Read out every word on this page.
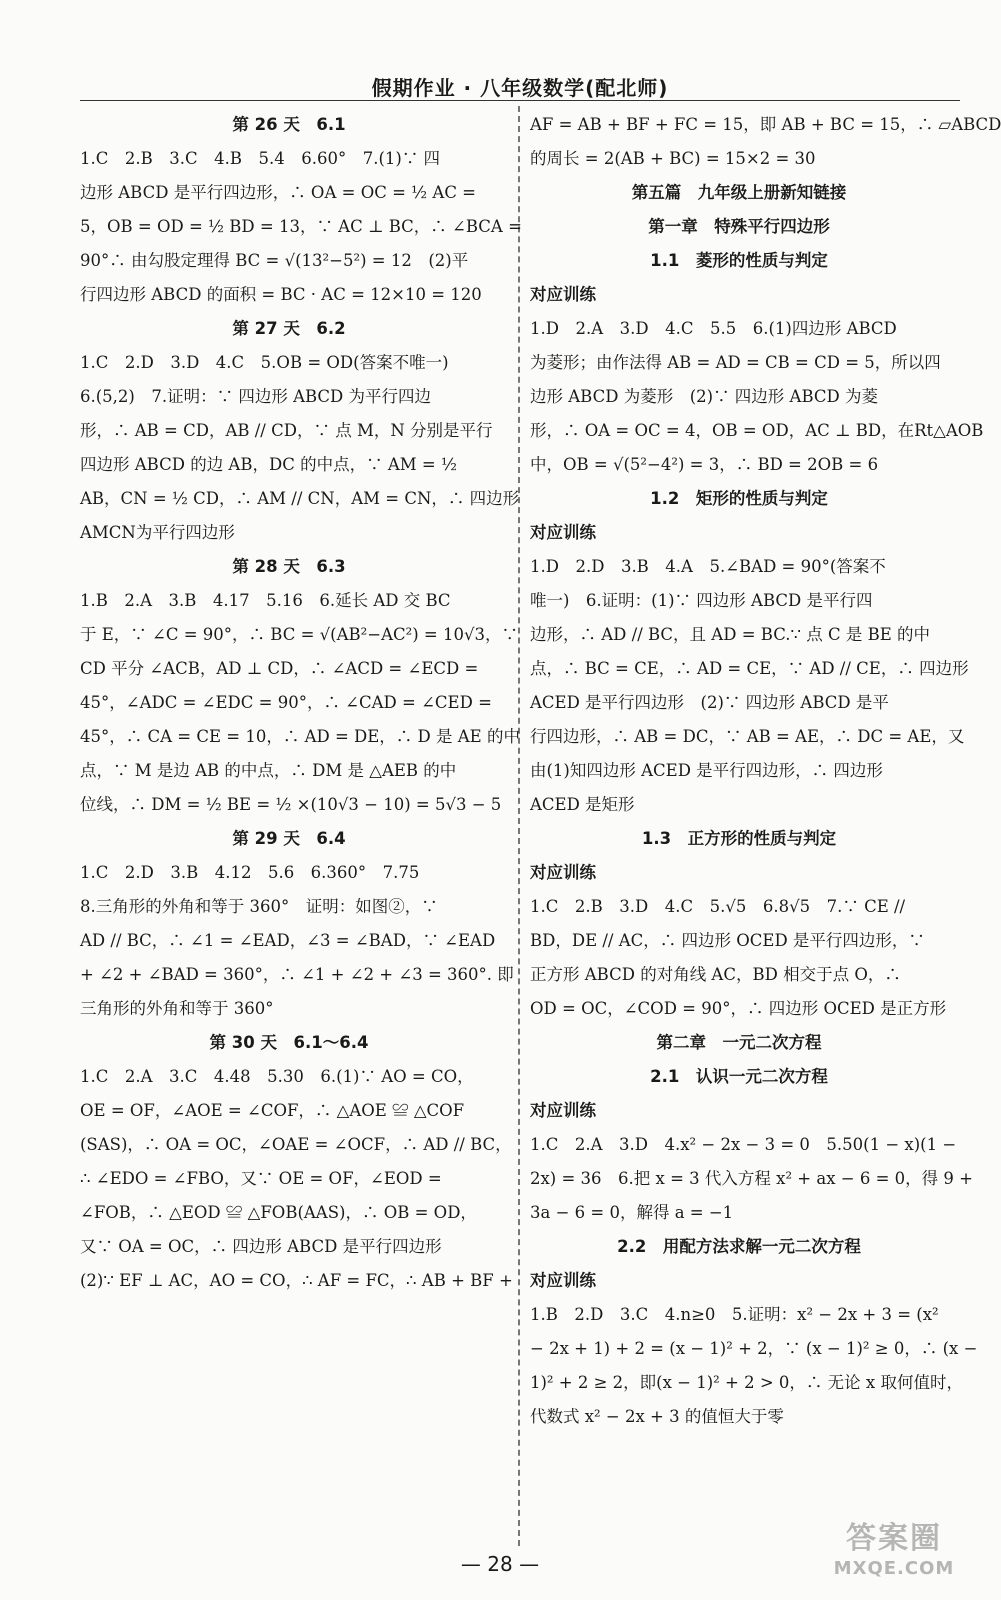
假期作业 · 八年级数学(配北师)
第 26 天　6.1
1.C　2.B　3.C　4.B　5.4　6.60°　7.(1)∵ 四
边形 ABCD 是平行四边形，∴ OA = OC = ½ AC =
5，OB = OD = ½ BD = 13，∵ AC ⊥ BC，∴ ∠BCA =
90°∴ 由勾股定理得 BC = √(13²−5²) = 12　(2)平
行四边形 ABCD 的面积 = BC · AC = 12×10 = 120
第 27 天　6.2
1.C　2.D　3.D　4.C　5.OB = OD(答案不唯一)
6.(5,2)　7.证明：∵ 四边形 ABCD 为平行四边
形，∴ AB = CD，AB // CD，∵ 点 M，N 分别是平行
四边形 ABCD 的边 AB，DC 的中点，∵ AM = ½
AB，CN = ½ CD，∴ AM // CN，AM = CN，∴ 四边形
AMCN为平行四边形
第 28 天　6.3
1.B　2.A　3.B　4.17　5.16　6.延长 AD 交 BC
于 E，∵ ∠C = 90°，∴ BC = √(AB²−AC²) = 10√3，∵
CD 平分 ∠ACB，AD ⊥ CD，∴ ∠ACD = ∠ECD =
45°，∠ADC = ∠EDC = 90°，∴ ∠CAD = ∠CED =
45°，∴ CA = CE = 10，∴ AD = DE，∴ D 是 AE 的中
点，∵ M 是边 AB 的中点，∴ DM 是 △AEB 的中
位线，∴ DM = ½ BE = ½ ×(10√3 − 10) = 5√3 − 5
第 29 天　6.4
1.C　2.D　3.B　4.12　5.6　6.360°　7.75
8.三角形的外角和等于 360°　证明：如图②，∵
AD // BC，∴ ∠1 = ∠EAD，∠3 = ∠BAD，∵ ∠EAD
+ ∠2 + ∠BAD = 360°，∴ ∠1 + ∠2 + ∠3 = 360°. 即
三角形的外角和等于 360°
第 30 天　6.1～6.4
1.C　2.A　3.C　4.48　5.30　6.(1)∵ AO = CO，
OE = OF，∠AOE = ∠COF，∴ △AOE ≌ △COF
(SAS)，∴ OA = OC，∠OAE = ∠OCF，∴ AD // BC，
∴ ∠EDO = ∠FBO，又∵ OE = OF，∠EOD =
∠FOB，∴ △EOD ≌ △FOB(AAS)，∴ OB = OD，
又∵ OA = OC，∴ 四边形 ABCD 是平行四边形
(2)∵ EF ⊥ AC，AO = CO，∴ AF = FC，∴ AB + BF +
AF = AB + BF + FC = 15，即 AB + BC = 15，∴ ▱ABCD
的周长 = 2(AB + BC) = 15×2 = 30
第五篇　九年级上册新知链接
第一章　特殊平行四边形
1.1　菱形的性质与判定
对应训练
1.D　2.A　3.D　4.C　5.5　6.(1)四边形 ABCD
为菱形；由作法得 AB = AD = CB = CD = 5，所以四
边形 ABCD 为菱形　(2)∵ 四边形 ABCD 为菱
形，∴ OA = OC = 4，OB = OD，AC ⊥ BD，在Rt△AOB
中，OB = √(5²−4²) = 3，∴ BD = 2OB = 6
1.2　矩形的性质与判定
对应训练
1.D　2.D　3.B　4.A　5.∠BAD = 90°(答案不
唯一)　6.证明：(1)∵ 四边形 ABCD 是平行四
边形，∴ AD // BC，且 AD = BC.∵ 点 C 是 BE 的中
点，∴ BC = CE，∴ AD = CE，∵ AD // CE，∴ 四边形
ACED 是平行四边形　(2)∵ 四边形 ABCD 是平
行四边形，∴ AB = DC，∵ AB = AE，∴ DC = AE，又
由(1)知四边形 ACED 是平行四边形，∴ 四边形
ACED 是矩形
1.3　正方形的性质与判定
对应训练
1.C　2.B　3.D　4.C　5.√5　6.8√5　7.∵ CE //
BD，DE // AC，∴ 四边形 OCED 是平行四边形，∵
正方形 ABCD 的对角线 AC，BD 相交于点 O，∴
OD = OC，∠COD = 90°，∴ 四边形 OCED 是正方形
第二章　一元二次方程
2.1　认识一元二次方程
对应训练
1.C　2.A　3.D　4.x² − 2x − 3 = 0　5.50(1 − x)(1 −
2x) = 36　6.把 x = 3 代入方程 x² + ax − 6 = 0，得 9 +
3a − 6 = 0，解得 a = −1
2.2　用配方法求解一元二次方程
对应训练
1.B　2.D　3.C　4.n≥0　5.证明：x² − 2x + 3 = (x²
− 2x + 1) + 2 = (x − 1)² + 2，∵ (x − 1)² ≥ 0，∴ (x −
1)² + 2 ≥ 2，即(x − 1)² + 2 > 0，∴ 无论 x 取何值时，
代数式 x² − 2x + 3 的值恒大于零
— 28 —
答案圈
MXQE.COM
